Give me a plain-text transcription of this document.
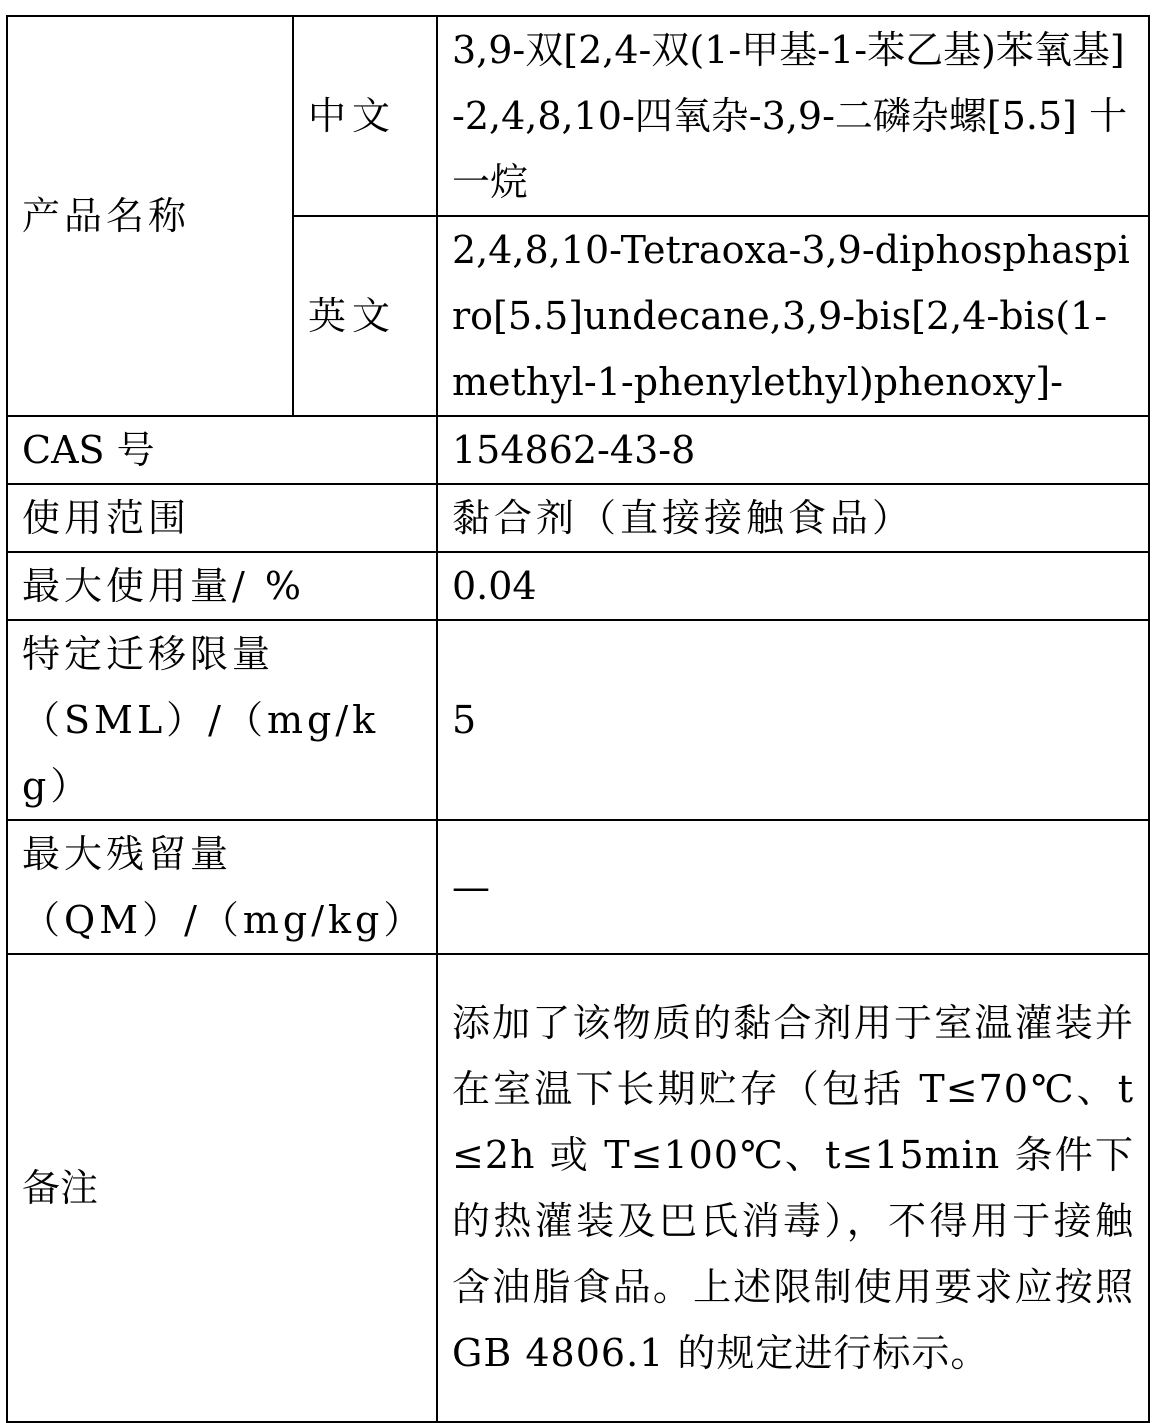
产品名称	中文	3,9-双[2,4-双(1-甲基-1-苯乙基)苯氧基]-2,4,8,10-四氧杂-3,9-二磷杂螺[5.5] 十一烷
	英文	2,4,8,10-Tetraoxa-3,9-diphosphaspiro[5.5]undecane,3,9-bis[2,4-bis(1-methyl-1-phenylethyl)phenoxy]-
CAS 号		154862-43-8
使用范围		黏合剂（直接接触食品）
最大使用量/ %		0.04

特定迁移限量
（SML）/（mg/kg）		5

最大残留量
（QM）/（mg/kg）		—
备注		添加了该物质的黏合剂用于室温灌装并在室温下长期贮存（包括 T≤70℃、t≤2h 或 T≤100℃、t≤15min 条件下的热灌装及巴氏消毒），不得用于接触含油脂食品。上述限制使用要求应按照 GB 4806.1 的规定进行标示。
